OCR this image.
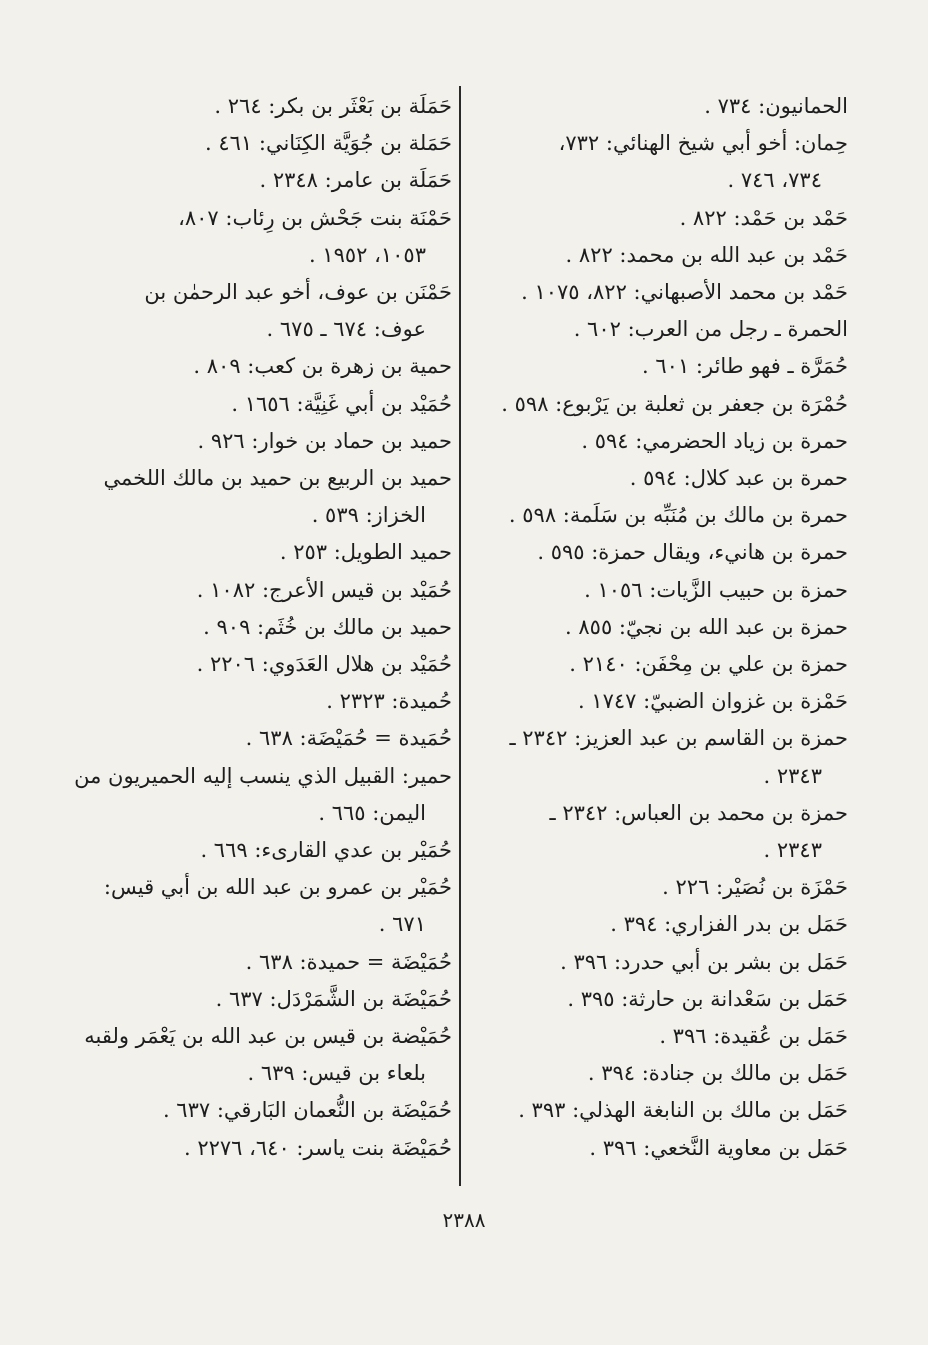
الحمانيون: ٧٣٤ .
حِمان: أخو أبي شيخ الهنائي: ٧٣٢،
٧٣٤، ٧٤٦ .
حَمْد بن حَمْد: ٨٢٢ .
حَمْد بن عبد الله بن محمد: ٨٢٢ .
حَمْد بن محمد الأصبهاني: ٨٢٢، ١٠٧٥ .
الحمرة ـ رجل من العرب: ٦٠٢ .
حُمَرَّة ـ فهو طائر: ٦٠١ .
حُمْرَة بن جعفر بن ثعلبة بن يَرْبوع: ٥٩٨ .
حمرة بن زياد الحضرمي: ٥٩٤ .
حمرة بن عبد كلال: ٥٩٤ .
حمرة بن مالك بن مُنَبِّه بن سَلَمة: ٥٩٨ .
حمرة بن هانيء، ويقال حمزة: ٥٩٥ .
حمزة بن حبيب الزَّيات: ١٠٥٦ .
حمزة بن عبد الله بن نجيّ: ٨٥٥ .
حمزة بن علي بن مِحْفَن: ٢١٤٠ .
حَمْزة بن غزوان الضبيّ: ١٧٤٧ .
حمزة بن القاسم بن عبد العزيز: ٢٣٤٢ ـ
٢٣٤٣ .
حمزة بن محمد بن العباس: ٢٣٤٢ ـ
٢٣٤٣ .
حَمْزَة بن نُصَيْر: ٢٢٦ .
حَمَل بن بدر الفزاري: ٣٩٤ .
حَمَل بن بشر بن أبي حدرد: ٣٩٦ .
حَمَل بن سَعْدانة بن حارثة: ٣٩٥ .
حَمَل بن عُقيدة: ٣٩٦ .
حَمَل بن مالك بن جنادة: ٣٩٤ .
حَمَل بن مالك بن النابغة الهذلي: ٣٩٣ .
حَمَل بن معاوية النَّخعي: ٣٩٦ .
حَمَلَة بن بَعْثَر بن بكر: ٢٦٤ .
حَمَلة بن جُوَيَّة الكِنَاني: ٤٦١ .
حَمَلَة بن عامر: ٢٣٤٨ .
حَمْنَة بنت جَحْش بن رِئاب: ٨٠٧،
١٠٥٣، ١٩٥٢ .
حَمْنَن بن عوف، أخو عبد الرحمٰن بن
عوف: ٦٧٤ ـ ٦٧٥ .
حمية بن زهرة بن كعب: ٨٠٩ .
حُمَيْد بن أبي غَنِيَّة: ١٦٥٦ .
حميد بن حماد بن خوار: ٩٢٦ .
حميد بن الربيع بن حميد بن مالك اللخمي
الخزاز: ٥٣٩ .
حميد الطويل: ٢٥٣ .
حُمَيْد بن قيس الأعرج: ١٠٨٢ .
حميد بن مالك بن خُثَم: ٩٠٩ .
حُمَيْد بن هلال العَدَوي: ٢٢٠٦ .
حُميدة: ٢٣٢٣ .
حُمَيدة = حُمَيْضَة: ٦٣٨ .
حمير: القبيل الذي ينسب إليه الحميريون من
اليمن: ٦٦٥ .
حُمَيْر بن عدي القارىء: ٦٦٩ .
حُمَيْر بن عمرو بن عبد الله بن أبي قيس:
٦٧١ .
حُمَيْضَة = حميدة: ٦٣٨ .
حُمَيْضَة بن الشَّمَرْدَل: ٦٣٧ .
حُمَيْضة بن قيس بن عبد الله بن يَعْمَر ولقبه
بلعاء بن قيس: ٦٣٩ .
حُمَيْضَة بن النُّعمان البَارقي: ٦٣٧ .
حُمَيْضَة بنت ياسر: ٦٤٠، ٢٢٧٦ .
٢٣٨٨
